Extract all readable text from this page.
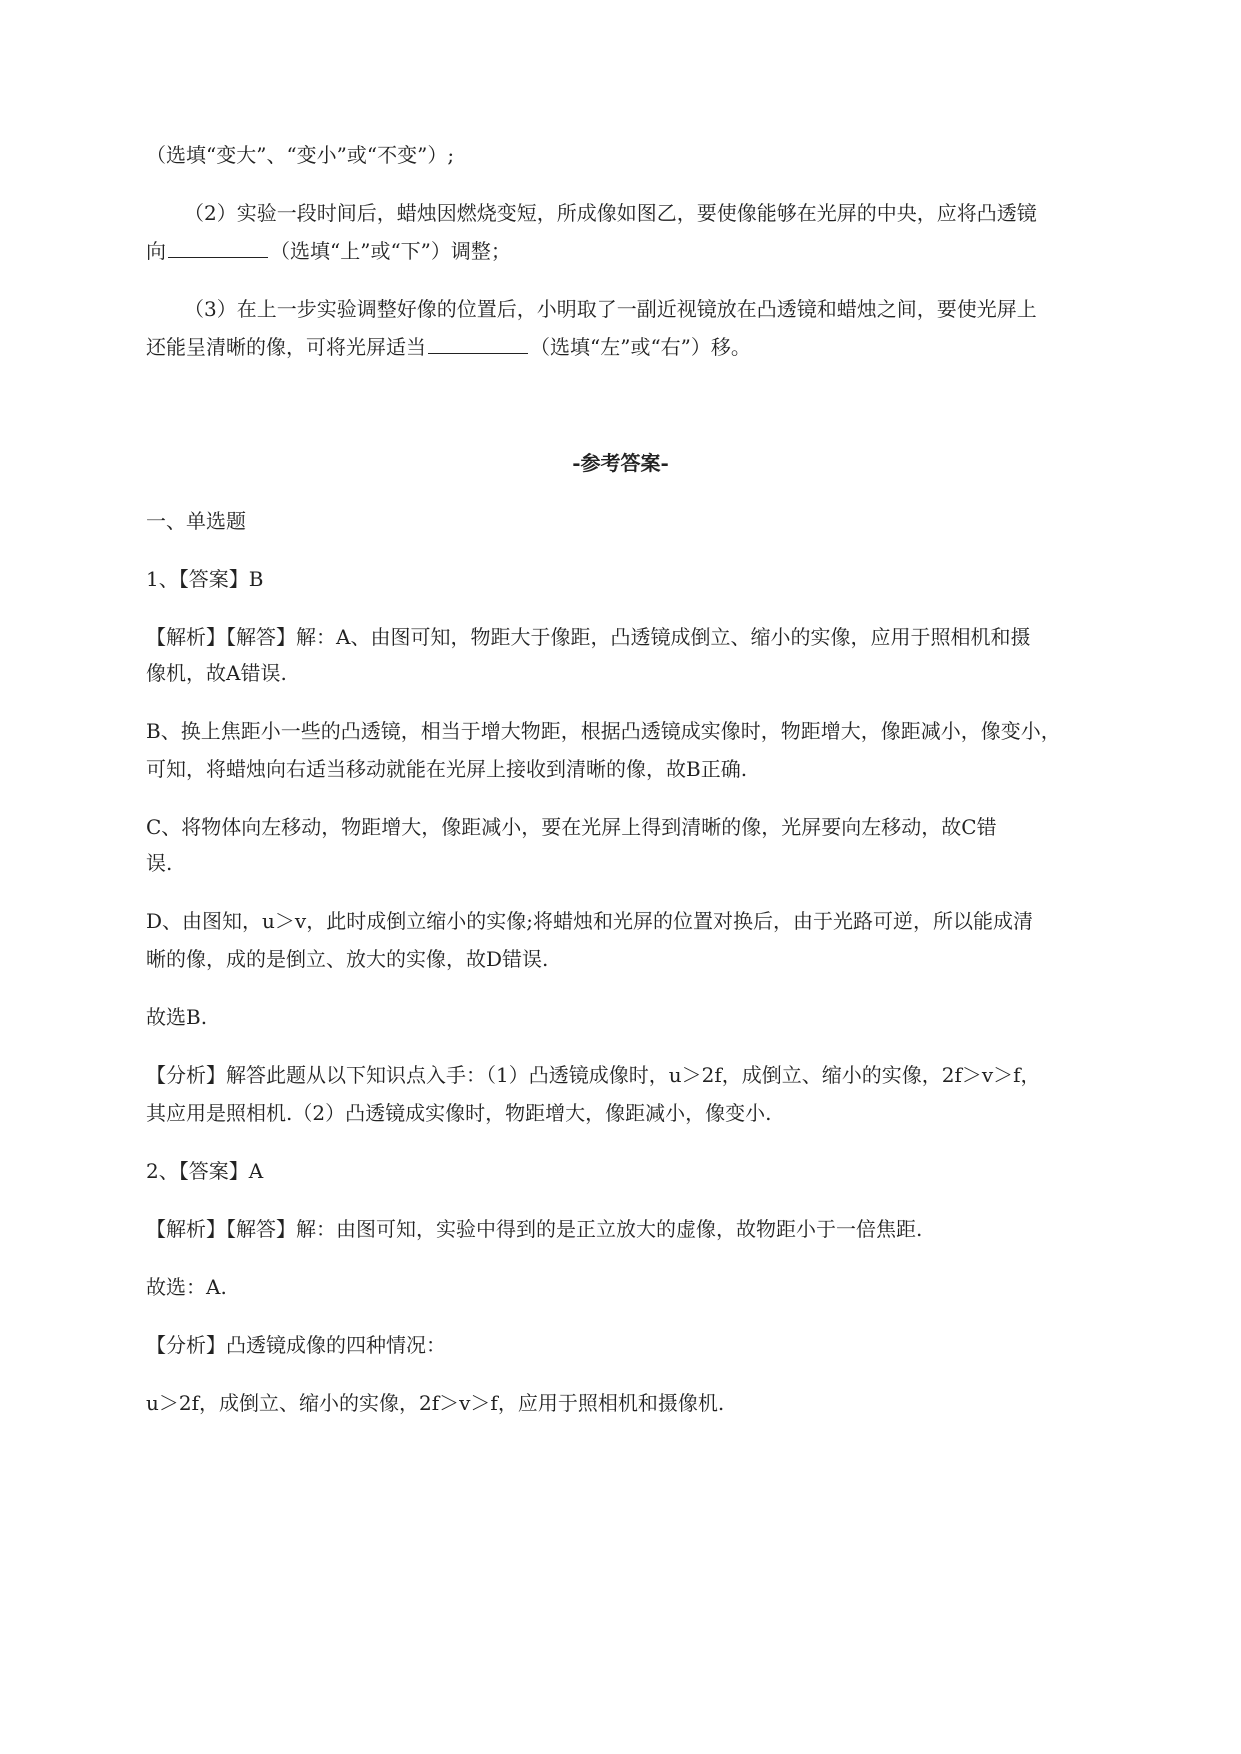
（选填“变大”、“变小”或“不变”）;
（2）实验一段时间后，蜡烛因燃烧变短，所成像如图乙，要使像能够在光屏的中央，应将凸透镜
向	（选填“上”或“下”）调整；
（3）在上一步实验调整好像的位置后，小明取了一副近视镜放在凸透镜和蜡烛之间，要使光屏上
还能呈清晰的像，可将光屏适当	（选填“左”或“右”）移。
-参考答案-
一、单选题
1、【答案】B
【解析】【解答】解：A、由图可知，物距大于像距，凸透镜成倒立、缩小的实像，应用于照相机和摄
像机，故A错误.
B、换上焦距小一些的凸透镜，相当于增大物距，根据凸透镜成实像时，物距增大，像距减小，像变小，
可知，将蜡烛向右适当移动就能在光屏上接收到清晰的像，故B正确.
C、将物体向左移动，物距增大，像距减小，要在光屏上得到清晰的像，光屏要向左移动，故C错
误.
D、由图知，u＞v，此时成倒立缩小的实像;将蜡烛和光屏的位置对换后，由于光路可逆，所以能成清
晰的像，成的是倒立、放大的实像，故D错误.
故选B.
【分析】解答此题从以下知识点入手：（1）凸透镜成像时，u＞2f，成倒立、缩小的实像，2f＞v＞f，
其应用是照相机.（2）凸透镜成实像时，物距增大，像距减小，像变小.
2、【答案】A
【解析】【解答】解：由图可知，实验中得到的是正立放大的虚像，故物距小于一倍焦距.
故选：A.
【分析】凸透镜成像的四种情况：
u＞2f，成倒立、缩小的实像，2f＞v＞f，应用于照相机和摄像机.
